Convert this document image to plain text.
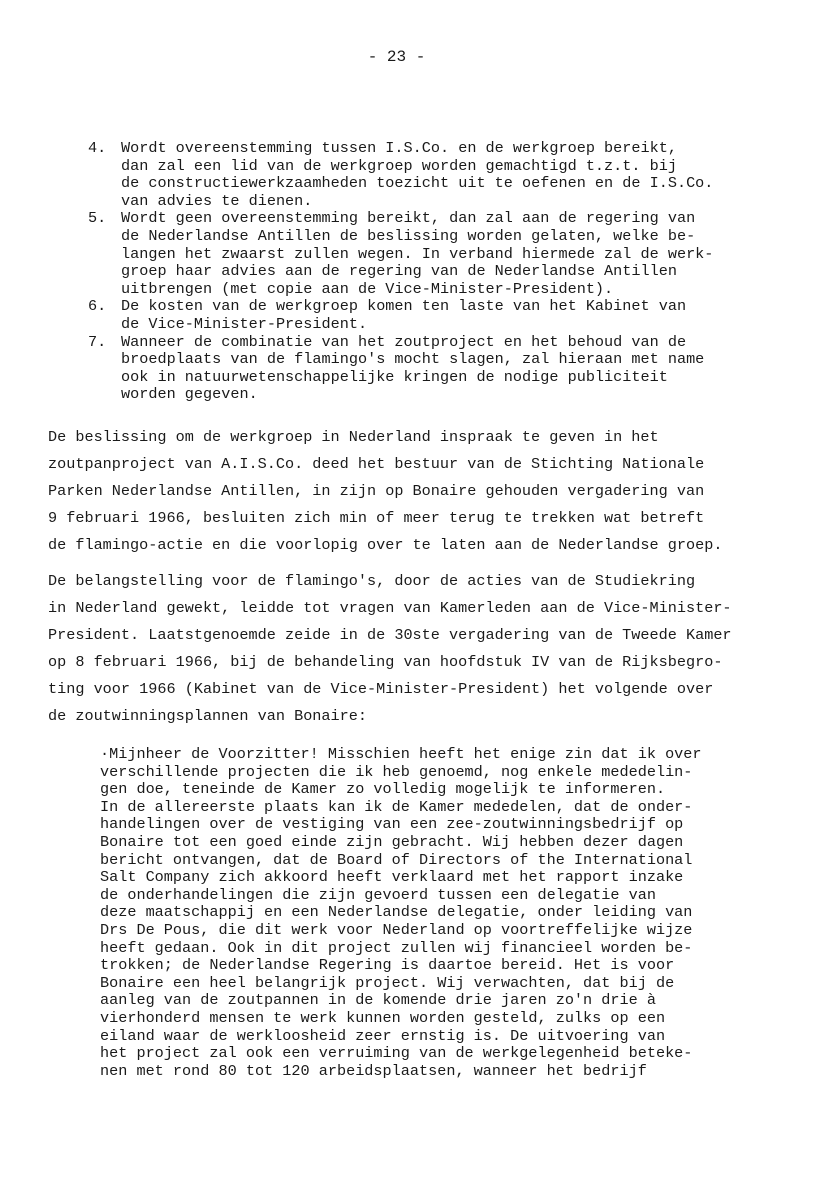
- 23 -
4. Wordt overeenstemming tussen I.S.Co. en de werkgroep bereikt,
dan zal een lid van de werkgroep worden gemachtigd t.z.t. bij
de constructiewerkzaamheden toezicht uit te oefenen en de I.S.Co.
van advies te dienen.
5. Wordt geen overeenstemming bereikt, dan zal aan de regering van
de Nederlandse Antillen de beslissing worden gelaten, welke be-
langen het zwaarst zullen wegen. In verband hiermede zal de werk-
groep haar advies aan de regering van de Nederlandse Antillen
uitbrengen (met copie aan de Vice-Minister-President).
6. De kosten van de werkgroep komen ten laste van het Kabinet van
de Vice-Minister-President.
7. Wanneer de combinatie van het zoutproject en het behoud van de
broedplaats van de flamingo's mocht slagen, zal hieraan met name
ook in natuurwetenschappelijke kringen de nodige publiciteit
worden gegeven.
De beslissing om de werkgroep in Nederland inspraak te geven in het
zoutpanproject van A.I.S.Co. deed het bestuur van de Stichting Nationale
Parken Nederlandse Antillen, in zijn op Bonaire gehouden vergadering van
9 februari 1966, besluiten zich min of meer terug te trekken wat betreft
de flamingo-actie en die voorlopig over te laten aan de Nederlandse groep.
De belangstelling voor de flamingo's, door de acties van de Studiekring
in Nederland gewekt, leidde tot vragen van Kamerleden aan de Vice-Minister-
President. Laatstgenoemde zeide in de 30ste vergadering van de Tweede Kamer
op 8 februari 1966, bij de behandeling van hoofdstuk IV van de Rijksbegro-
ting voor 1966 (Kabinet van de Vice-Minister-President) het volgende over
de zoutwinningsplannen van Bonaire:
·Mijnheer de Voorzitter! Misschien heeft het enige zin dat ik over
verschillende projecten die ik heb genoemd, nog enkele mededelin-
gen doe, teneinde de Kamer zo volledig mogelijk te informeren.
In de allereerste plaats kan ik de Kamer mededelen, dat de onder-
handelingen over de vestiging van een zee-zoutwinningsbedrijf op
Bonaire tot een goed einde zijn gebracht. Wij hebben dezer dagen
bericht ontvangen, dat de Board of Directors of the International
Salt Company zich akkoord heeft verklaard met het rapport inzake
de onderhandelingen die zijn gevoerd tussen een delegatie van
deze maatschappij en een Nederlandse delegatie, onder leiding van
Drs De Pous, die dit werk voor Nederland op voortreffelijke wijze
heeft gedaan. Ook in dit project zullen wij financieel worden be-
trokken; de Nederlandse Regering is daartoe bereid. Het is voor
Bonaire een heel belangrijk project. Wij verwachten, dat bij de
aanleg van de zoutpannen in de komende drie jaren zo'n drie à
vierhonderd mensen te werk kunnen worden gesteld, zulks op een
eiland waar de werkloosheid zeer ernstig is. De uitvoering van
het project zal ook een verruiming van de werkgelegenheid beteke-
nen met rond 80 tot 120 arbeidsplaatsen, wanneer het bedrijf
